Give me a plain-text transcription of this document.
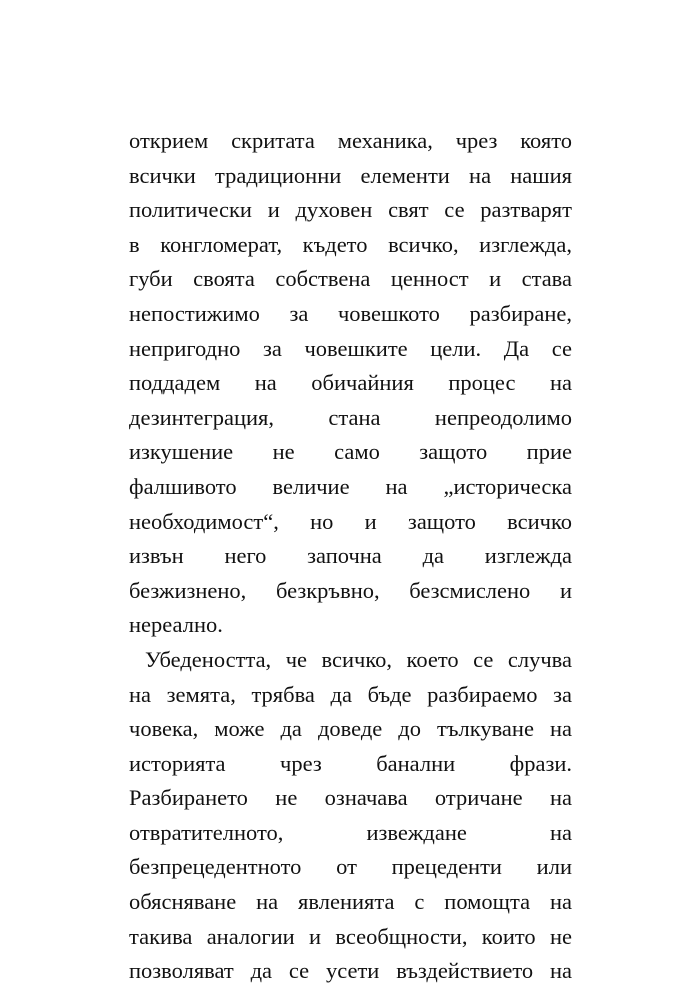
открием скритата механика, чрез която
всички традиционни елементи на нашия
политически и духовен свят се разтварят
в конгломерат, където всичко, изглежда,
губи своята собствена ценност и става
непостижимо за човешкото разбиране,
непригодно за човешките цели. Да се
поддадем на обичайния процес на
дезинтеграция, стана непреодолимо
изкушение не само защото прие
фалшивото величие на „историческа
необходимост“, но и защото всичко
извън него започна да изглежда
безжизнено, безкръвно, безсмислено и
нереално.
Убедеността, че всичко, което се случва
на земята, трябва да бъде разбираемо за
човека, може да доведе до тълкуване на
историята чрез банални фрази.
Разбирането не означава отричане на
отвратителното, извеждане на
безпрецедентното от прецеденти или
обясняване на явленията с помощта на
такива аналогии и всеобщности, които не
позволяват да се усети въздействието на
